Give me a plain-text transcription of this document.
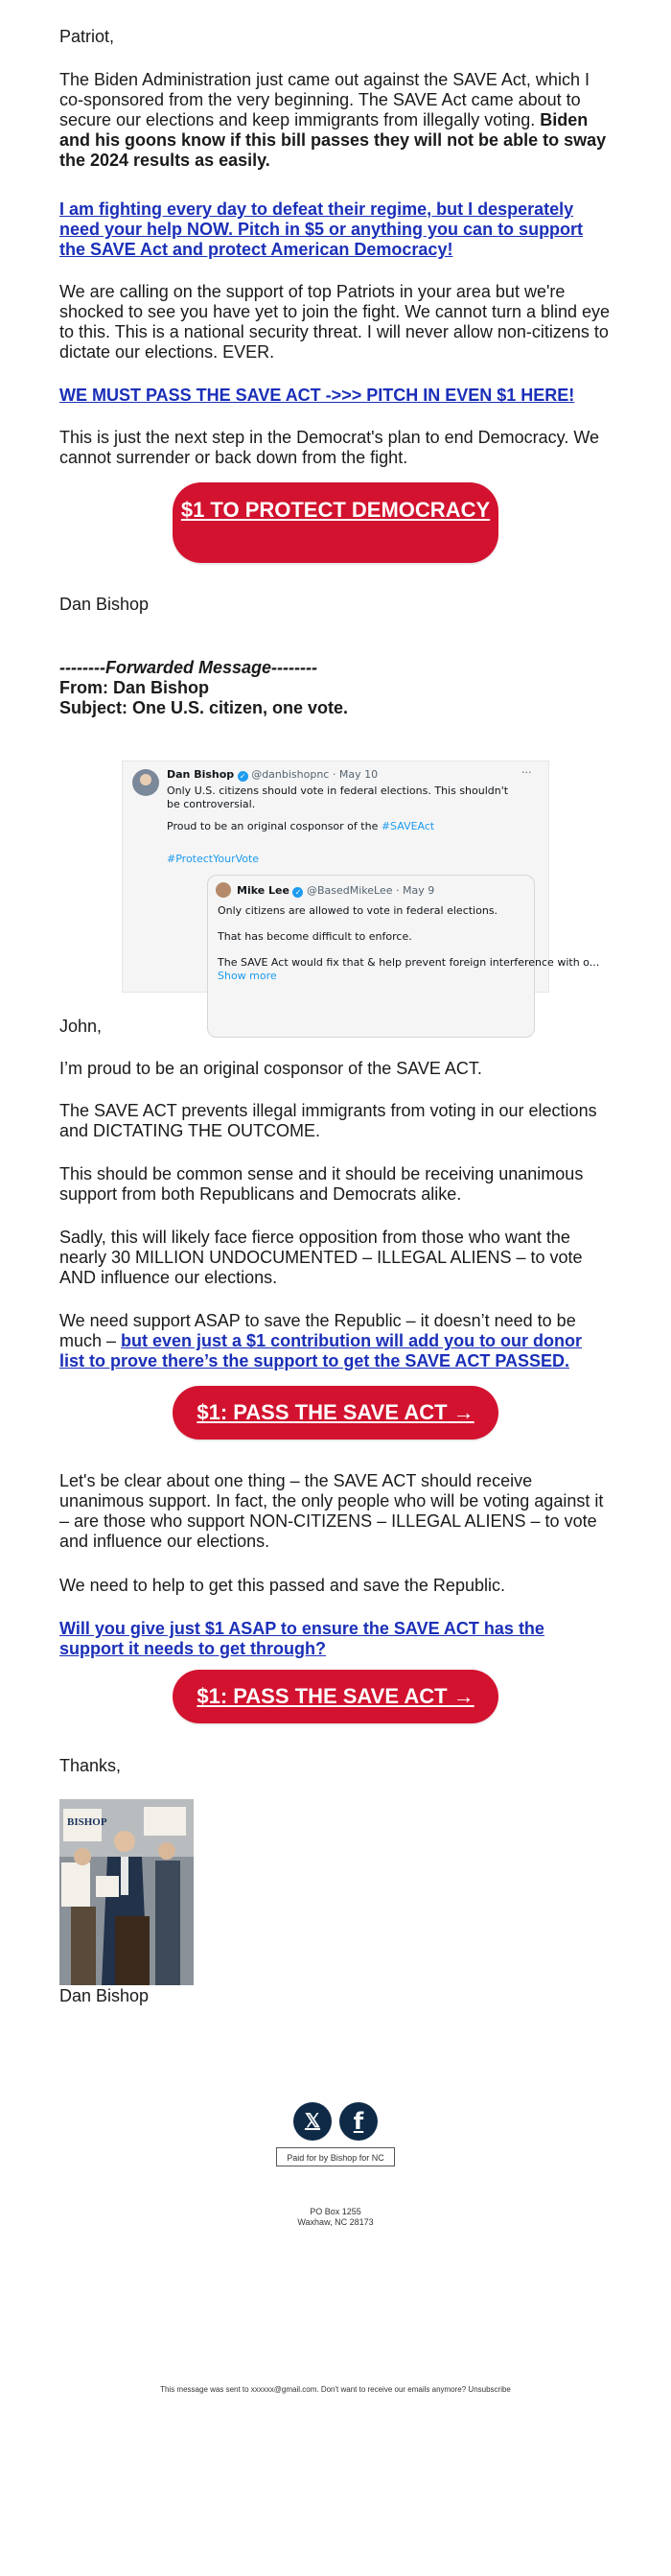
Patriot,

The Biden Administration just came out against the SAVE Act, which I co-sponsored from the very beginning. The SAVE Act came about to secure our elections and keep immigrants from illegally voting. Biden and his goons know if this bill passes they will not be able to sway the 2024 results as easily.

I am fighting every day to defeat their regime, but I desperately need your help NOW. Pitch in $5 or anything you can to support the SAVE Act and protect American Democracy!

We are calling on the support of top Patriots in your area but we're shocked to see you have yet to join the fight. We cannot turn a blind eye to this. This is a national security threat. I will never allow non-citizens to dictate our elections. EVER.

WE MUST PASS THE SAVE ACT ->>> PITCH IN EVEN $1 HERE!

This is just the next step in the Democrat's plan to end Democracy. We cannot surrender or back down from the fight.

$1 TO PROTECT DEMOCRACY

Dan Bishop

--------Forwarded Message--------
From: Dan Bishop
Subject: One U.S. citizen, one vote.
Dan Bishop ✓ @danbishopnc · May 10	···
Only U.S. citizens should vote in federal elections. This shouldn't be controversial.
Proud to be an original cosponsor of the #SAVEAct
#ProtectYourVote
Mike Lee ✓ @BasedMikeLee · May 9
Only citizens are allowed to vote in federal elections.
That has become difficult to enforce.
The SAVE Act would fix that & help prevent foreign interference with o...
Show more

John,

I’m proud to be an original cosponsor of the SAVE ACT.

The SAVE ACT prevents illegal immigrants from voting in our elections and DICTATING THE OUTCOME.

This should be common sense and it should be receiving unanimous support from both Republicans and Democrats alike.

Sadly, this will likely face fierce opposition from those who want the nearly 30 MILLION UNDOCUMENTED – ILLEGAL ALIENS – to vote AND influence our elections.

We need support ASAP to save the Republic – it doesn’t need to be much – but even just a $1 contribution will add you to our donor list to prove there’s the support to get the SAVE ACT PASSED.

$1: PASS THE SAVE ACT →

Let's be clear about one thing – the SAVE ACT should receive unanimous support. In fact, the only people who will be voting against it – are those who support NON-CITIZENS – ILLEGAL ALIENS – to vote and influence our elections.

We need to help to get this passed and save the Republic.

Will you give just $1 ASAP to ensure the SAVE ACT has the support it needs to get through?

$1: PASS THE SAVE ACT →

Thanks,

BISHOP

Dan Bishop

𝕏	f
Paid for by Bishop for NC
PO Box 1255
Waxhaw, NC 28173
This message was sent to xxxxxx@gmail.com. Don't want to receive our emails anymore? Unsubscribe
